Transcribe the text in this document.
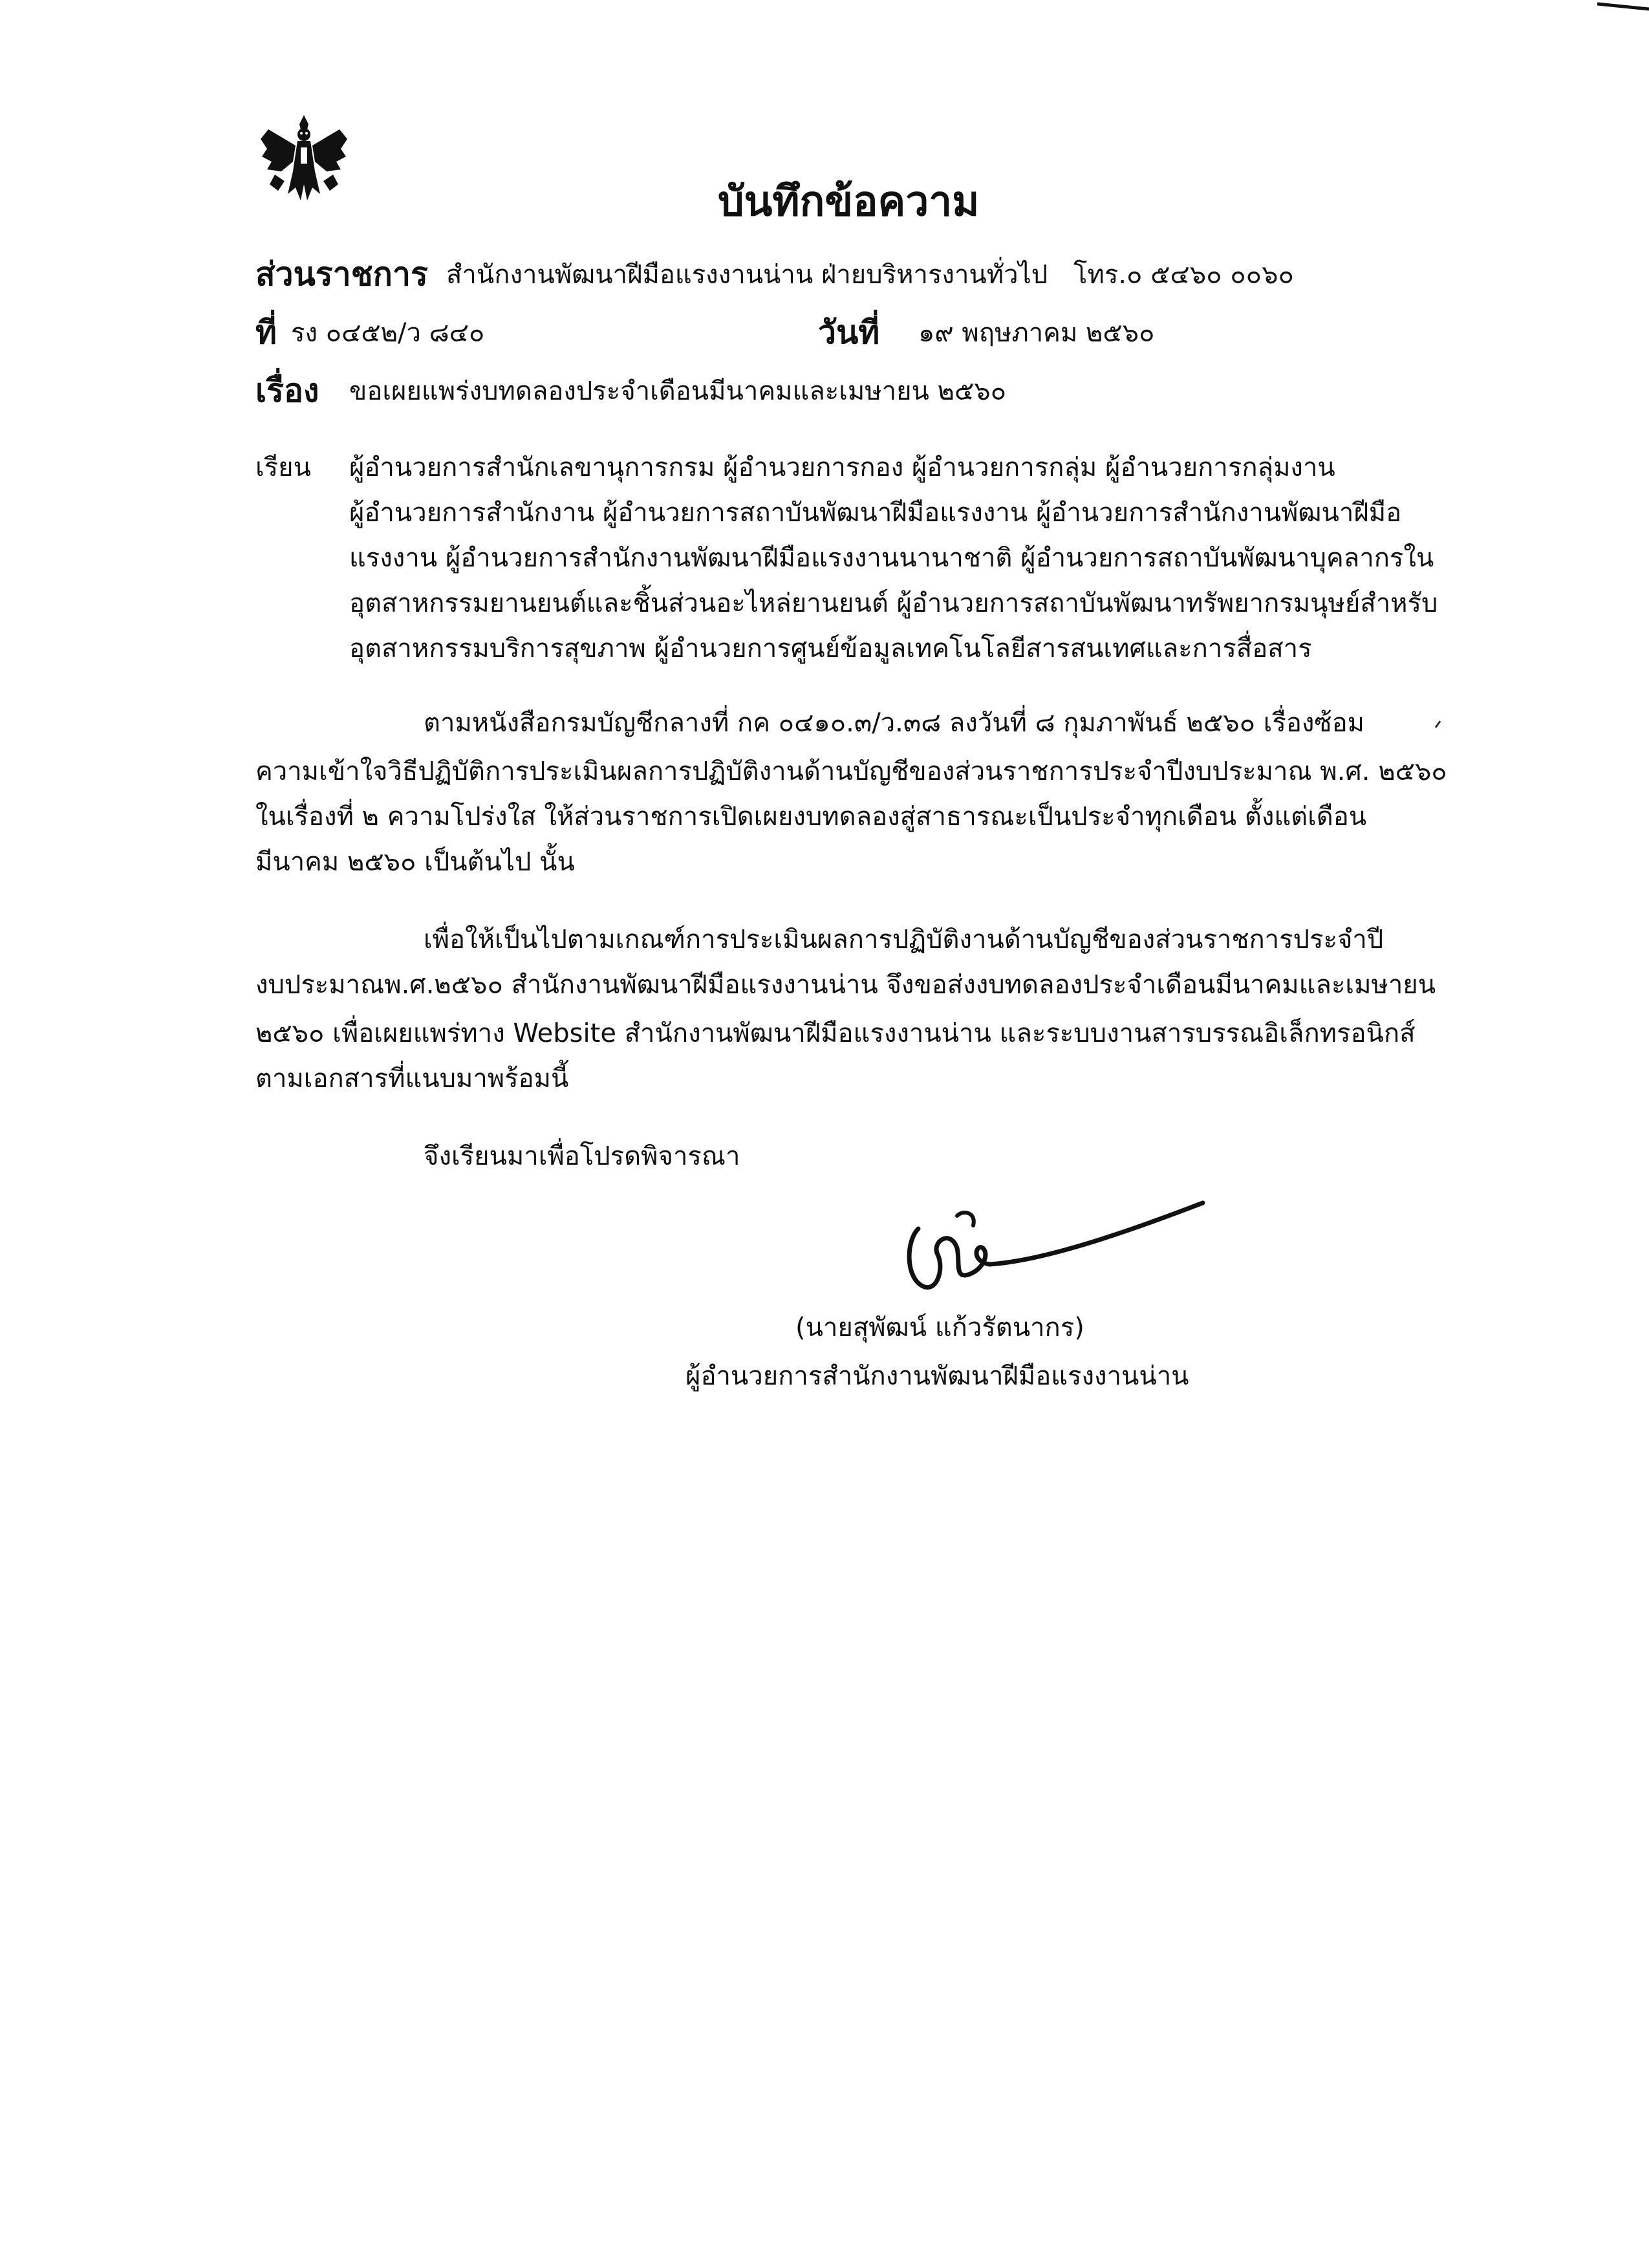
บันทึกข้อความ
ส่วนราชการ สำนักงานพัฒนาฝีมือแรงงานน่าน ฝ่ายบริหารงานทั่วไป โทร.๐ ๕๔๖๐ ๐๐๖๐
ที่ รง ๐๔๕๒/ว ๘๔๐	วันที่ ๑๙ พฤษภาคม ๒๕๖๐
เรื่อง ขอเผยแพร่งบทดลองประจำเดือนมีนาคมและเมษายน ๒๕๖๐
เรียน ผู้อำนวยการสำนักเลขานุการกรม ผู้อำนวยการกอง ผู้อำนวยการกลุ่ม ผู้อำนวยการกลุ่มงาน
ผู้อำนวยการสำนักงาน ผู้อำนวยการสถาบันพัฒนาฝีมือแรงงาน ผู้อำนวยการสำนักงานพัฒนาฝีมือ
แรงงาน ผู้อำนวยการสำนักงานพัฒนาฝีมือแรงงานนานาชาติ ผู้อำนวยการสถาบันพัฒนาบุคลากรใน
อุตสาหกรรมยานยนต์และชิ้นส่วนอะไหล่ยานยนต์ ผู้อำนวยการสถาบันพัฒนาทรัพยากรมนุษย์สำหรับ
อุตสาหกรรมบริการสุขภาพ ผู้อำนวยการศูนย์ข้อมูลเทคโนโลยีสารสนเทศและการสื่อสาร
ตามหนังสือกรมบัญชีกลางที่ กค ๐๔๑๐.๓/ว.๓๘ ลงวันที่ ๘ กุมภาพันธ์ ๒๕๖๐ เรื่องซ้อม
ความเข้าใจวิธีปฏิบัติการประเมินผลการปฏิบัติงานด้านบัญชีของส่วนราชการประจำปีงบประมาณ พ.ศ. ๒๕๖๐
ในเรื่องที่ ๒ ความโปร่งใส ให้ส่วนราชการเปิดเผยงบทดลองสู่สาธารณะเป็นประจำทุกเดือน ตั้งแต่เดือน
มีนาคม ๒๕๖๐ เป็นต้นไป นั้น
เพื่อให้เป็นไปตามเกณฑ์การประเมินผลการปฏิบัติงานด้านบัญชีของส่วนราชการประจำปี
งบประมาณพ.ศ.๒๕๖๐ สำนักงานพัฒนาฝีมือแรงงานน่าน จึงขอส่งงบทดลองประจำเดือนมีนาคมและเมษายน
๒๕๖๐ เพื่อเผยแพร่ทาง Website สำนักงานพัฒนาฝีมือแรงงานน่าน และระบบงานสารบรรณอิเล็กทรอนิกส์
ตามเอกสารที่แนบมาพร้อมนี้
จึงเรียนมาเพื่อโปรดพิจารณา
(นายสุพัฒน์ แก้วรัตนากร)
ผู้อำนวยการสำนักงานพัฒนาฝีมือแรงงานน่าน
